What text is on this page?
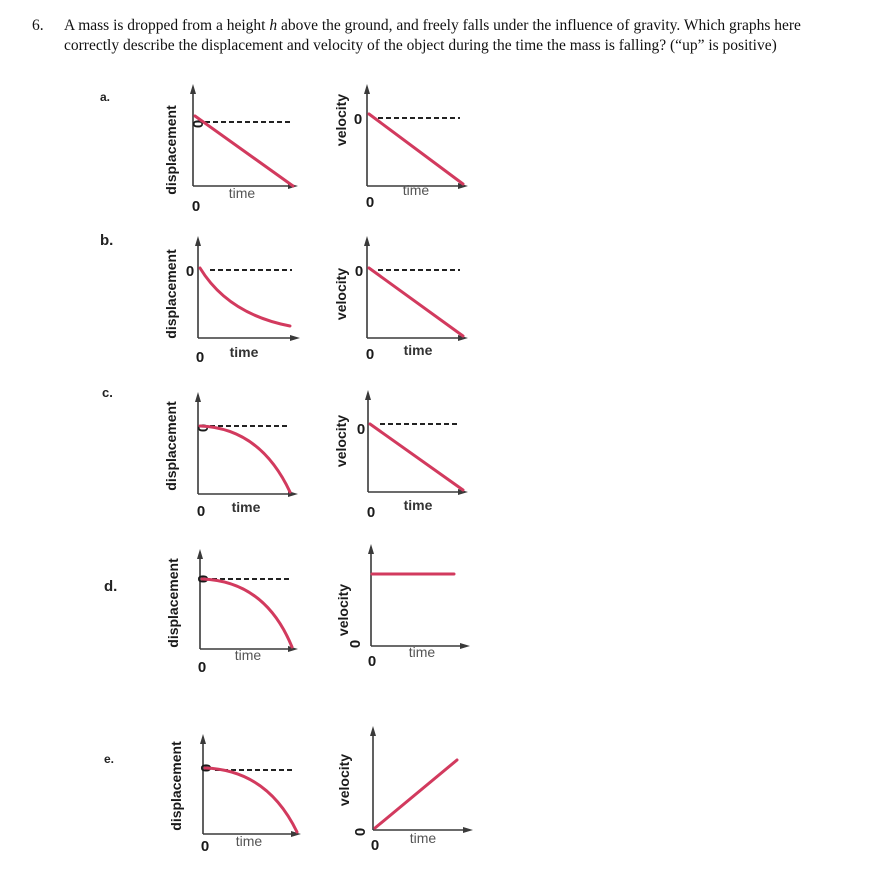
6. A mass is dropped from a height h above the ground, and freely falls under the influence of gravity. Which graphs here correctly describe the displacement and velocity of the object during the time the mass is falling? (“up” is positive)
a.
b.
c.
d.
e.
displacement 0
0
time
velocity 0
0
time
displacement 0
0 time
velocity 0
0 time
displacement 0
0 time
velocity 0
0 time
displacement 0
0
time
velocity
0
0
time
displacement 0
0 time
velocity
0
0 time
